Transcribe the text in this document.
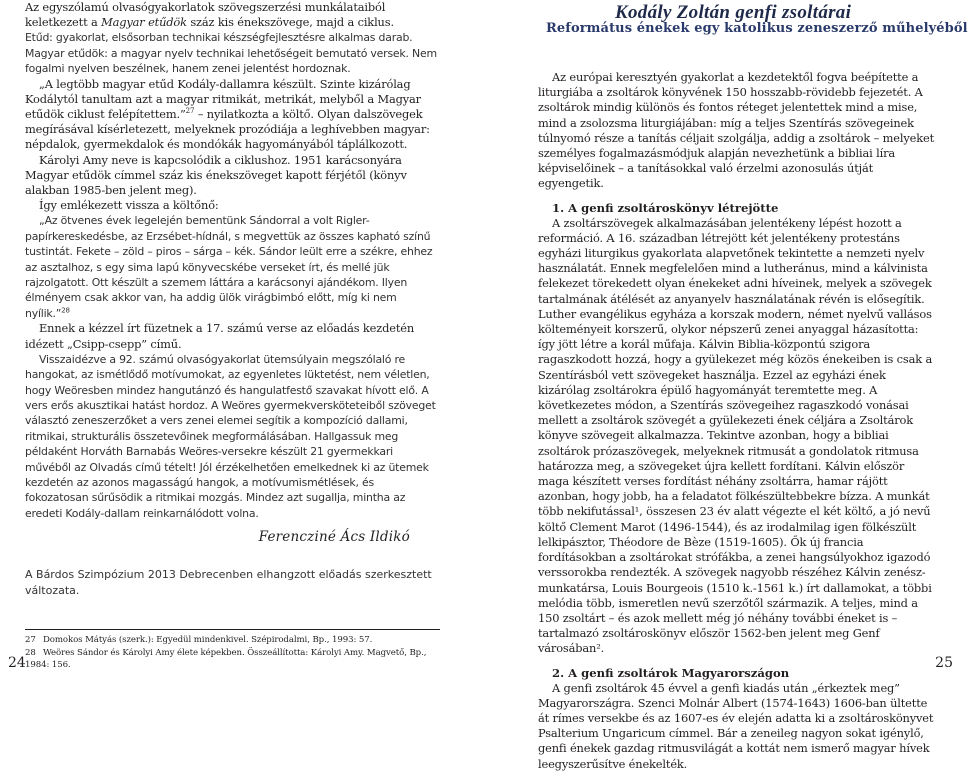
Az egyszólamú olvasógyakorlatok szövegszerzési munkálataiból keletkezett a Magyar etűdök száz kis énekszövege, majd a ciklus.

Etűd: gyakorlat, elsősorban technikai készségfejlesztésre alkalmas darab. Magyar etűdök: a magyar nyelv technikai lehetőségeit bemutató versek. Nem fogalmi nyelven beszélnek, hanem zenei jelentést hordoznak.

„A legtöbb magyar etűd Kodály-dallamra készült. Szinte kizárólag Kodálytól tanultam azt a magyar ritmikát, metrikát, melyből a Magyar etűdök ciklust felépítettem.”$^{27}$ – nyilatkozta a költő. Olyan dalszövegek megírásával kísérletezett, melyeknek prozódiája a leghívebben magyar: népdalok, gyermekdalok és mondókák hagyományából táplálkozott.

Károlyi Amy neve is kapcsolódik a ciklushoz. 1951 karácsonyára Magyar etűdök címmel száz kis énekszöveget kapott férjétől (könyv alakban 1985-ben jelent meg).

Így emlékezett vissza a költőnő:

„Az ötvenes évek legelején bementünk Sándorral a volt Rigler-papírkereskedésbe, az Erzsébet-hídnál, s megvettük az összes kapható színű tustintát. Fekete – zöld – piros – sárga – kék. Sándor leült erre a székre, ehhez az asztalhoz, s egy sima lapú könyvecskébe verseket írt, és mellé jük rajzolgatott. Ott készült a szemem láttára a karácsonyi ajándékom. Ilyen élményem csak akkor van, ha addig ülök virágbimbó előtt, míg ki nem nyílik.”$^{28}$

Ennek a kézzel írt füzetnek a 17. számú verse az előadás kezdetén idézett „Csipp-csepp” című.

Visszaidézve a 92. számú olvasógyakorlat ütemsúlyain megszólaló re hangokat, az ismétlődő motívumokat, az egyenletes lüktetést, nem véletlen, hogy Weöresben mindez hangutánzó és hangulatfestő szavakat hívott elő. A vers erős akusztikai hatást hordoz. A Weöres gyermekversköteteiből szöveget választó zeneszerzőket a vers zenei elemei segítik a kompozíció dallami, ritmikai, strukturális összetevőinek megformálásában. Hallgassuk meg példaként Horváth Barnabás Weöres-versekre készült 21 gyermekkari művéből az Olvadás című tételt! Jól érzékelhetően emelkednek ki az ütemek kezdetén az azonos magasságú hangok, a motívumismétlések, és fokozatosan sűrűsödik a ritmikai mozgás. Mindez azt sugallja, mintha az eredeti Kodály-dallam reinkarnálódott volna.

Ferencziné Ács Ildikó

A Bárdos Szimpózium 2013 Debrecenben elhangzott előadás szerkesztett változata.

27 Domokos Mátyás (szerk.): Egyedül mindenkivel. Szépirodalmi, Bp., 1993: 57.

28 Weöres Sándor és Károlyi Amy élete képekben. Összeállította: Károlyi Amy. Magvető, Bp., 1984: 156.

24
Kodály Zoltán genfi zsoltárai
Református énekek egy katolikus zeneszerző műhelyéből

Az európai keresztyén gyakorlat a kezdetektől fogva beépítette a liturgiába a zsoltárok könyvének 150 hosszabb-rövidebb fejezetét. A zsoltárok mindig különös és fontos réteget jelentettek mind a mise, mind a zsolozsma liturgiájában: míg a teljes Szentírás szövegeinek túlnyomó része a tanítás céljait szolgálja, addig a zsoltárok – melyeket személyes fogalmazásmódjuk alapján nevezhetünk a bibliai líra képviselőinek – a tanításokkal való érzelmi azonosulás útját egyengetik.

1. A genfi zsoltároskönyv létrejötte

A zsoltárszövegek alkalmazásában jelentékeny lépést hozott a reformáció. A 16. században létrejött két jelentékeny protestáns egyházi liturgikus gyakorlata alapvetőnek tekintette a nemzeti nyelv használatát. Ennek megfelelően mind a lutheránus, mind a kálvinista felekezet törekedett olyan énekeket adni híveinek, melyek a szövegek tartalmának átélését az anyanyelv használatának révén is elősegítik. Luther evangélikus egyháza a korszak modern, német nyelvű vallásos költeményeit korszerű, olykor népszerű zenei anyaggal házasította: így jött létre a korál műfaja. Kálvin Biblia-központú szigora ragaszkodott hozzá, hogy a gyülekezet még közös énekeiben is csak a Szentírásból vett szövegeket használja. Ezzel az egyházi ének kizárólag zsoltárokra épülő hagyományát teremtette meg. A következetes módon, a Szentírás szövegeihez ragaszkodó vonásai mellett a zsoltárok szövegét a gyülekezeti ének céljára a Zsoltárok könyve szövegeit alkalmazza. Tekintve azonban, hogy a bibliai zsoltárok prózaszövegek, melyeknek ritmusát a gondolatok ritmusa határozza meg, a szövegeket újra kellett fordítani. Kálvin először maga készített verses fordítást néhány zsoltárra, hamar rájött azonban, hogy jobb, ha a feladatot fölkészültebbekre bízza. A munkát több nekifutással¹, összesen 23 év alatt végezte el két költő, a jó nevű költő Clement Marot (1496-1544), és az irodalmilag igen fölkészült lelkipásztor, Théodore de Bèze (1519-1605). Ők új francia fordításokban a zsoltárokat strófákba, a zenei hangsúlyokhoz igazodó verssorokba rendezték. A szövegek nagyobb részéhez Kálvin zenész-munkatársa, Louis Bourgeois (1510 k.-1561 k.) írt dallamokat, a többi melódia több, ismeretlen nevű szerzőtől származik. A teljes, mind a 150 zsoltárt – és azok mellett még jó néhány további éneket is – tartalmazó zsoltároskönyv először 1562-ben jelent meg Genf városában².

2. A genfi zsoltárok Magyarországon

A genfi zsoltárok 45 évvel a genfi kiadás után „érkeztek meg” Magyarországra. Szenci Molnár Albert (1574-1643) 1606-ban ültette át rímes versekbe és az 1607-es év elején adatta ki a zsoltároskönyvet Psalterium Ungaricum címmel. Bár a zeneileg nagyon sokat igénylő, genfi énekek gazdag ritmusvilágát a kottát nem ismerő magyar hívek leegyszerűsítve énekelték.

25
